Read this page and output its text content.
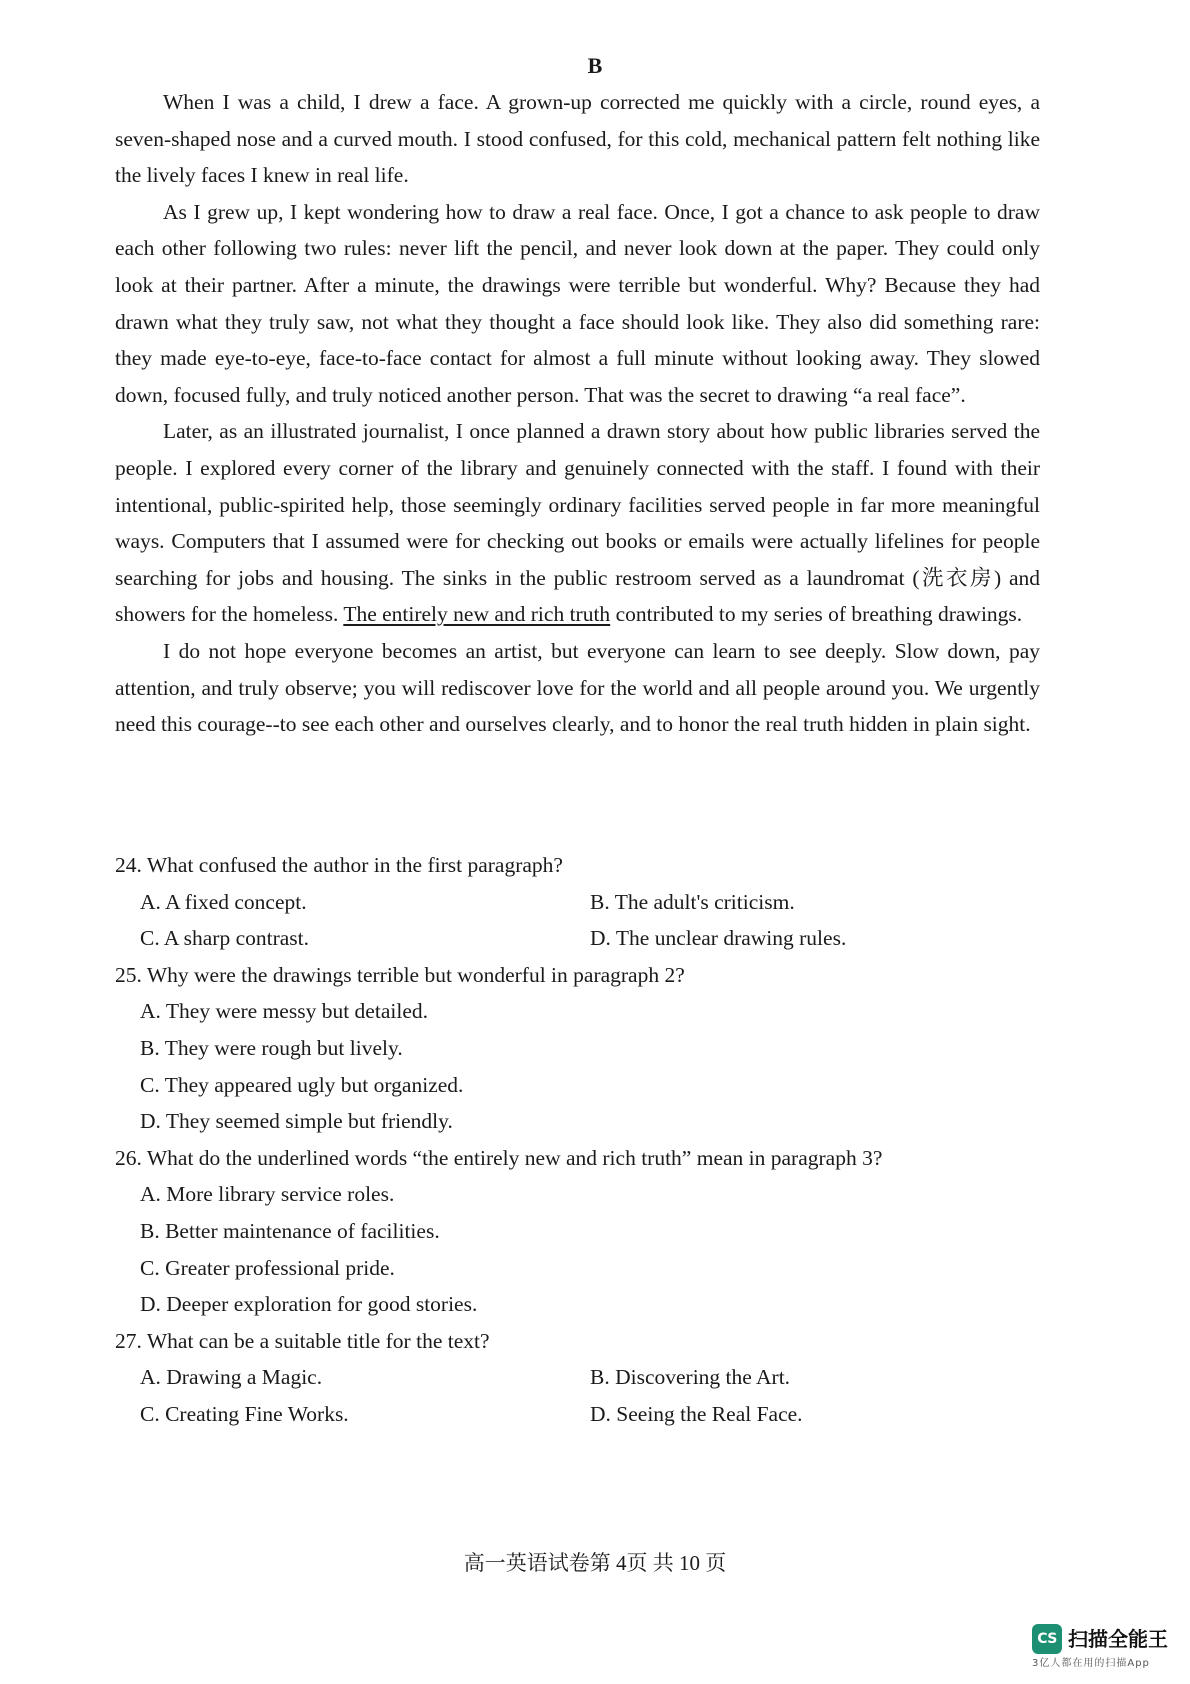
B

When I was a child, I drew a face. A grown-up corrected me quickly with a circle, round eyes, a seven-shaped nose and a curved mouth. I stood confused, for this cold, mechanical pattern felt nothing like the lively faces I knew in real life.

As I grew up, I kept wondering how to draw a real face. Once, I got a chance to ask people to draw each other following two rules: never lift the pencil, and never look down at the paper. They could only look at their partner. After a minute, the drawings were terrible but wonderful. Why? Because they had drawn what they truly saw, not what they thought a face should look like. They also did something rare: they made eye-to-eye, face-to-face contact for almost a full minute without looking away. They slowed down, focused fully, and truly noticed another person. That was the secret to drawing “a real face”.

Later, as an illustrated journalist, I once planned a drawn story about how public libraries served the people. I explored every corner of the library and genuinely connected with the staff. I found with their intentional, public-spirited help, those seemingly ordinary facilities served people in far more meaningful ways. Computers that I assumed were for checking out books or emails were actually lifelines for people searching for jobs and housing. The sinks in the public restroom served as a laundromat (洗衣房) and showers for the homeless. The entirely new and rich truth contributed to my series of breathing drawings.

I do not hope everyone becomes an artist, but everyone can learn to see deeply. Slow down, pay attention, and truly observe; you will rediscover love for the world and all people around you. We urgently need this courage--to see each other and ourselves clearly, and to honor the real truth hidden in plain sight.

24. What confused the author in the first paragraph?
A. A fixed concept.	B. The adult's criticism.
C. A sharp contrast.	D. The unclear drawing rules.
25. Why were the drawings terrible but wonderful in paragraph 2?
A. They were messy but detailed.
B. They were rough but lively.
C. They appeared ugly but organized.
D. They seemed simple but friendly.
26. What do the underlined words “the entirely new and rich truth” mean in paragraph 3?
A. More library service roles.
B. Better maintenance of facilities.
C. Greater professional pride.
D. Deeper exploration for good stories.
27. What can be a suitable title for the text?
A. Drawing a Magic.	B. Discovering the Art.
C. Creating Fine Works.	D. Seeing the Real Face.
高一英语试卷第 4页 共 10 页
CS 扫描全能王
3亿人都在用的扫描App
